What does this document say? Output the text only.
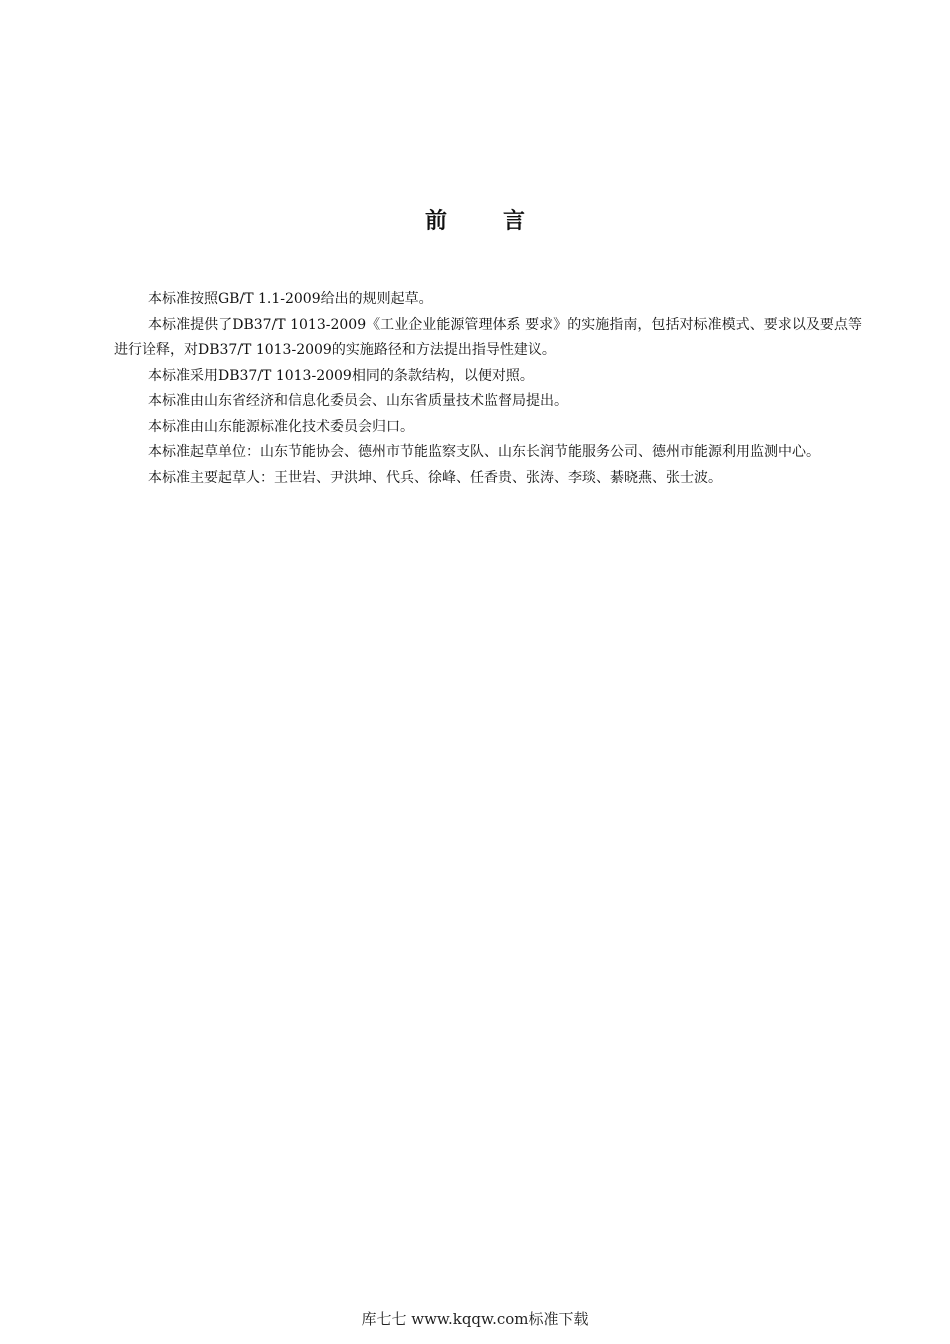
前	言

本标准按照GB/T 1.1-2009给出的规则起草。

本标准提供了DB37/T 1013-2009《工业企业能源管理体系 要求》的实施指南，包括对标准模式、要求以及要点等进行诠释，对DB37/T 1013-2009的实施路径和方法提出指导性建议。

本标准采用DB37/T 1013-2009相同的条款结构，以便对照。

本标准由山东省经济和信息化委员会、山东省质量技术监督局提出。

本标准由山东能源标准化技术委员会归口。

本标准起草单位：山东节能协会、德州市节能监察支队、山东长润节能服务公司、德州市能源利用监测中心。

本标准主要起草人：王世岩、尹洪坤、代兵、徐峰、任香贵、张涛、李琰、綦晓燕、张士波。

库七七 www.kqqw.com标准下载
